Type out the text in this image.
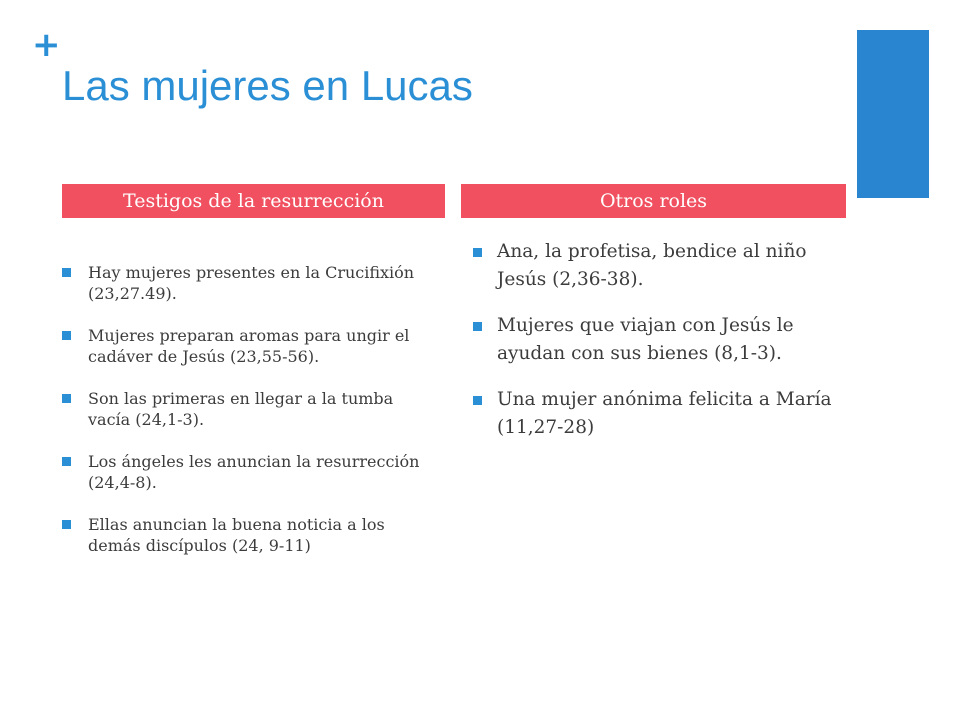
+
Las mujeres en Lucas
Testigos de la resurrección	Otros roles
Hay mujeres presentes en la Crucifixión (23,27.49).
Mujeres preparan aromas para ungir el cadáver de Jesús (23,55-56).
Son las primeras en llegar a la tumba vacía (24,1-3).
Los ángeles les anuncian la resurrección (24,4-8).
Ellas anuncian la buena noticia a los demás discípulos (24, 9-11)
Ana, la profetisa, bendice al niño Jesús (2,36-38).
Mujeres que viajan con Jesús le ayudan con sus bienes (8,1-3).
Una mujer anónima felicita a María (11,27-28)
